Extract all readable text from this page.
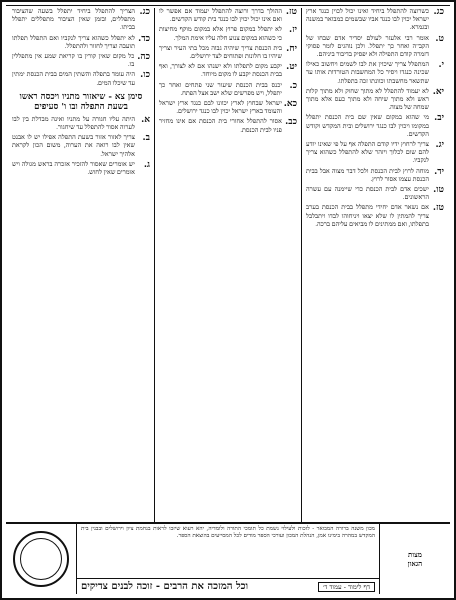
כג.
כשרוצה להתפלל ביחיד ואינו יכול לכוין כנגד ארץ ישראל יכוין לבו כנגד אביו שבשמים כמבואר במשנה ובגמרא.
ט.
אומר רבי אלעזר לעולם יסדיר אדם שבחו של הקב"ה ואחר כך יתפלל. ולכן נוהגים לומר פסוקי דזמרה קודם התפילה ולא יפסיק בדיבור ביניהם.
י.
המתפלל צריך שיכוין את לבו לשמים ויחשוב כאילו שכינה כנגדו ויסיר כל המחשבות הטורדות אותו עד שתשאר מחשבתו וכוונתו זכה בתפלתו.
יא.
לא יעמוד להתפלל לא מתוך שחוק ולא מתוך קלות ראש ולא מתוך שיחה ולא מתוך כעס אלא מתוך שמחה של מצוה.
יב.
מי שהוא במקום שאין שם בית הכנסת יתפלל במקומו ויכוין לבו כנגד ירושלים ובית המקדש וקודש הקדשים.
יג.
צריך לרחוץ ידיו קודם התפלה אף על פי שאינו יודע להם שום לכלוך ויזהר שלא להתפלל כשהוא צריך לנקביו.
יד.
מוחה לרוץ לבית הכנסת ולכל דבר מצוה אבל בבית הכנסת עצמו אסור לרוץ.
טו.
ישכים אדם לבית הכנסת כדי שיימנה עם עשרה הראשונים.
טז.
אם נשאר אדם יחידי מתפלל בבית הכנסת בערב צריך להמתין לו שלא יצאו ויניחוהו לבדו ויתבלבל בתפלתו, ואם ממתינים לו מביאים עליהם ברכה.
טז.
ההולך בדרך ורוצה להתפלל יעמוד אם אפשר לו ואם אינו יכול יכוין לבו כנגד בית קודש הקדשים.
יז.
לא יתפלל במקום פרוץ אלא במקום מוקף מחיצות כי כשהוא במקום צנוע חלה עליו אימת המלך.
יח.
בית הכנסת צריך שיהיה גבוה מכל בתי העיר וצריך שיהיו בו חלונות ופתוחים לצד ירושלים.
יט.
יקבע מקום לתפלתו ולא ישנהו אם לא לצורך, ואף בבית הכנסת יקבע לו מקום מיוחד.
כ.
יכנס בבית הכנסת שיעור שני פתחים ואחר כך יתפלל, ויש מפרשים שלא ישב אצל הפתח.
כא.
ישראל שבחוץ לארץ יכוונו לבם כנגד ארץ ישראל והעומד בארץ ישראל יכוין לבו כנגד ירושלים.
כב.
אסור להתפלל אחורי בית הכנסת אם אינו מחזיר פניו לבית הכנסת.
כג.
הצריך להתפלל ביחיד יתפלל בשעה שהציבור מתפללים, ובזמן שאין הציבור מתפללים יתפלל בביתו.
כד.
לא יתפלל כשהוא צריך לנקביו ואם התפלל תפלתו תועבה וצריך לחזור ולהתפלל.
כה.
כל מקום שאין קורין בו קריאת שמע אין מתפללין בו.
כו.
היה עומד בתפלה והשתין המים בבית הכנסת ימתין עד שיכלו המים.
סימן צא - שיאזור מתניו ויכסה ראשו בשעת התפלה ובו ו' סעיפים
א.
היתה עליו חגורה על מתניו ואינה מבדלת בין לבו לערוה אסור להתפלל עד שיחגור.
ב.
צריך לאזור אזור בשעת התפלה אפילו יש לו אבנט שאין לבו רואה את הערוה, משום הכון לקראת אלהיך ישראל.
ג.
יש אומרים שאסור להזכיר אזכרה בראש מגולה ויש אומרים שאין לחוש.
מכון משנה ברורה המבואר - לזכות ולעילוי נשמת כל תומכי התורה ולומדיה, יהא רעוא שיזכו לראות בנחמת ציון וירושלים ובבנין בית המקדש במהרה בימינו אמן, הנהלת המכון ועורכי הספר מודים לכל המסייעים בהוצאת הספר.
וכל המזכה את הרבים - זוכה לבנים צדיקים	דף לימוד - עמוד ד׳
מצות
הגאון
